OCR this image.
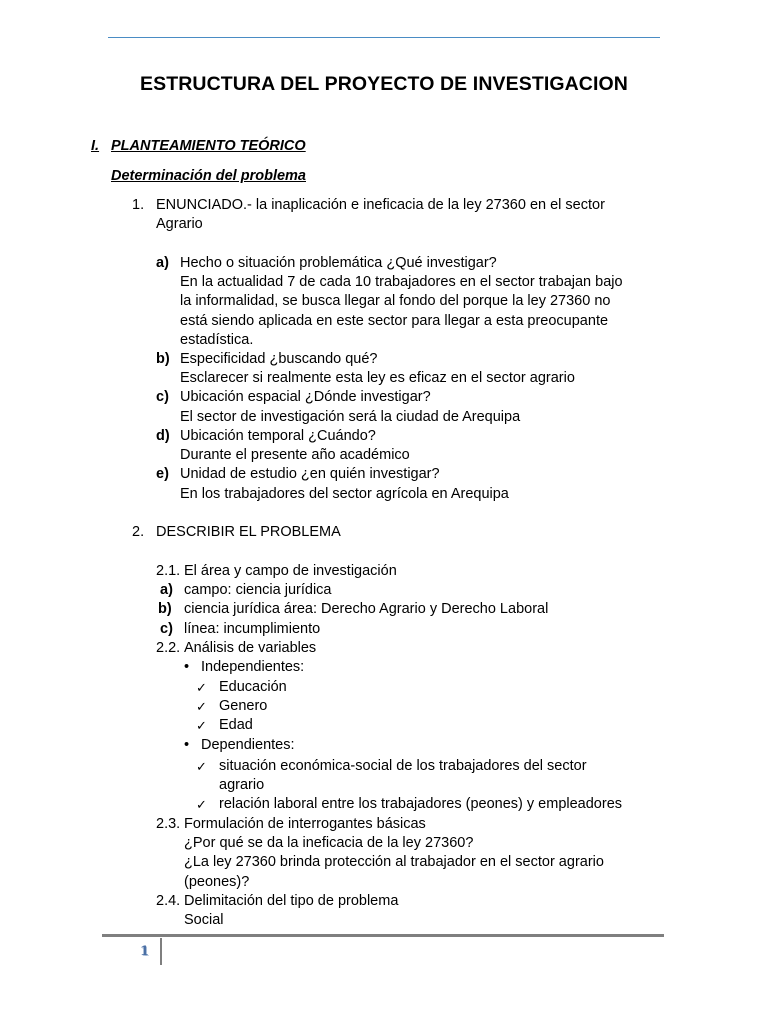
ESTRUCTURA DEL PROYECTO DE INVESTIGACION
I. PLANTEAMIENTO TEÓRICO
Determinación del problema
1. ENUNCIADO.- la inaplicación e ineficacia de la ley 27360 en el sector
Agrario
a) Hecho o situación problemática ¿Qué investigar?
En la actualidad 7 de cada 10 trabajadores en el sector trabajan bajo
la informalidad, se busca llegar al fondo del porque la ley 27360 no
está siendo aplicada en este sector para llegar a esta preocupante
estadística.
b) Especificidad ¿buscando qué?
Esclarecer si realmente esta ley es eficaz en el sector agrario
c) Ubicación espacial ¿Dónde investigar?
El sector de investigación será la ciudad de Arequipa
d) Ubicación temporal ¿Cuándo?
Durante el presente año académico
e) Unidad de estudio ¿en quién investigar?
En los trabajadores del sector agrícola en Arequipa
2. DESCRIBIR EL PROBLEMA
2.1. El área y campo de investigación
a) campo: ciencia jurídica
b) ciencia jurídica área: Derecho Agrario y Derecho Laboral
c) línea: incumplimiento
2.2. Análisis de variables
• Independientes:
✓ Educación
✓ Genero
✓ Edad
• Dependientes:
✓ situación económica-social de los trabajadores del sector
agrario
✓ relación laboral entre los trabajadores (peones) y empleadores
2.3. Formulación de interrogantes básicas
¿Por qué se da la ineficacia de la ley 27360?
¿La ley 27360 brinda protección al trabajador en el sector agrario
(peones)?
2.4. Delimitación del tipo de problema
Social
1
